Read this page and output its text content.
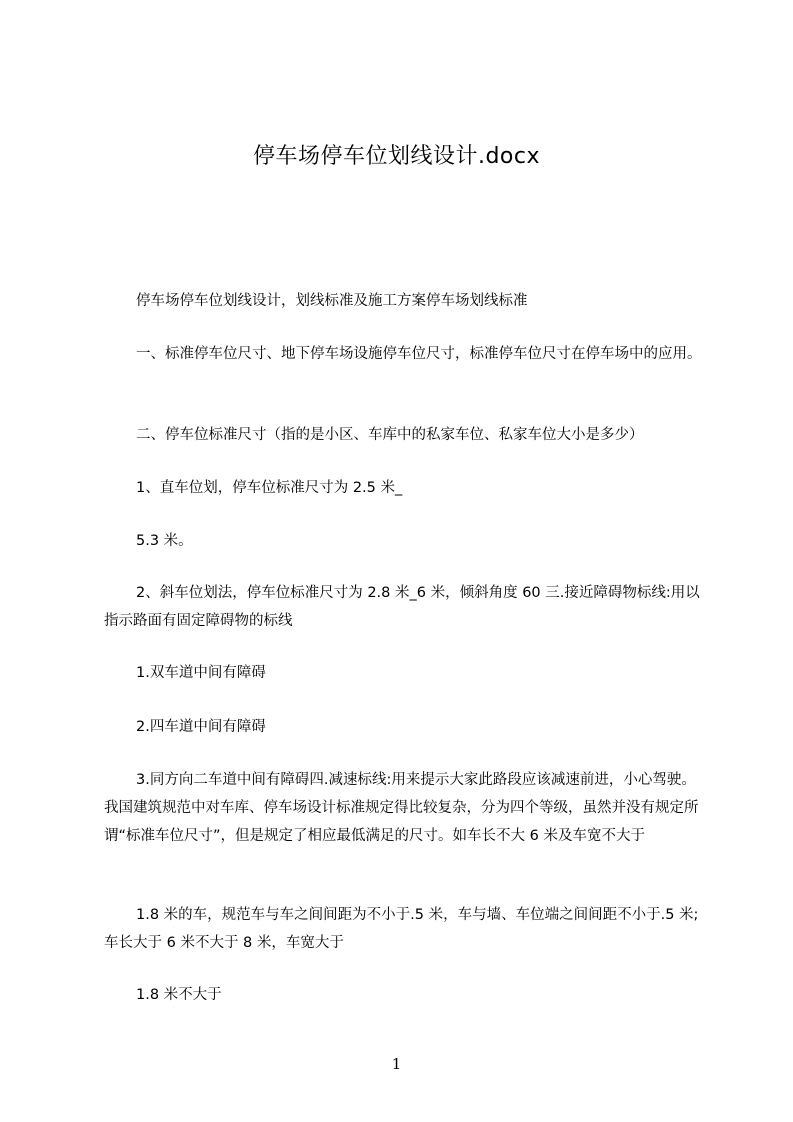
停车场停车位划线设计.docx

停车场停车位划线设计，划线标准及施工方案停车场划线标准

一、标准停车位尺寸、地下停车场设施停车位尺寸，标准停车位尺寸在停车场中的应用。

二、停车位标准尺寸（指的是小区、车库中的私家车位、私家车位大小是多少）

1、直车位划，停车位标准尺寸为 2.5 米_

5.3 米。

2、斜车位划法，停车位标准尺寸为 2.8 米_6 米，倾斜角度 60 三.接近障碍物标线:用以指示路面有固定障碍物的标线

1.双车道中间有障碍

2.四车道中间有障碍

3.同方向二车道中间有障碍四.减速标线:用来提示大家此路段应该减速前进，小心驾驶。我国建筑规范中对车库、停车场设计标准规定得比较复杂，分为四个等级，虽然并没有规定所谓“标准车位尺寸”，但是规定了相应最低满足的尺寸。如车长不大 6 米及车宽不大于

1.8 米的车，规范车与车之间间距为不小于.5 米，车与墙、车位端之间间距不小于.5 米;车长大于 6 米不大于 8 米，车宽大于

1.8 米不大于

1
